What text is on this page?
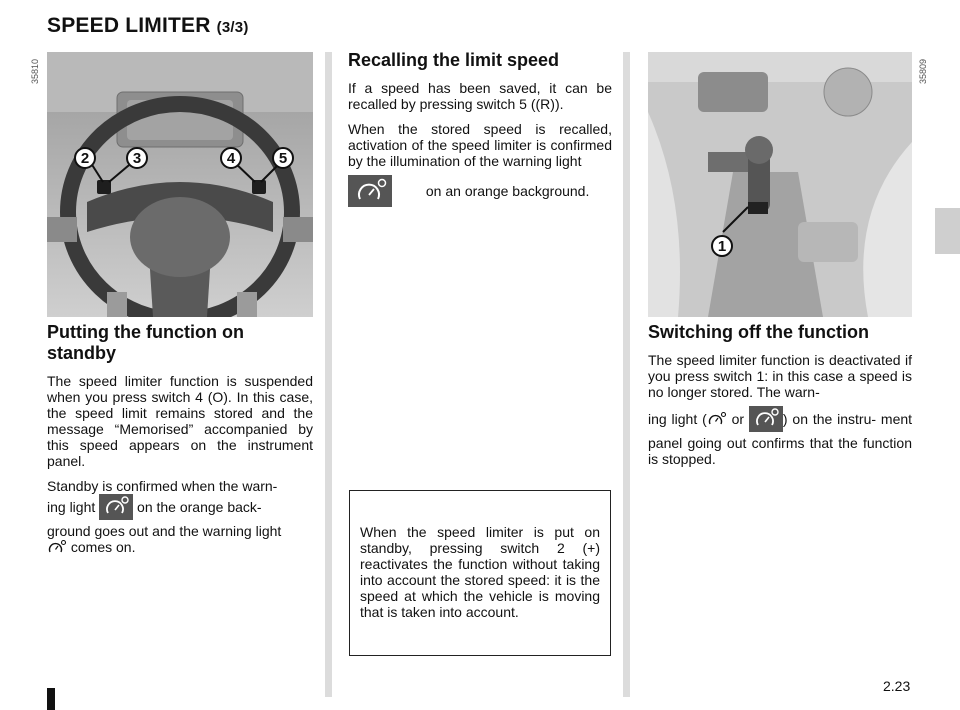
SPEED LIMITER (3/3)
2	3	4	5
35810
1
35809
Putting the function on standby

The speed limiter function is suspended when you press switch 4 (O). In this case, the speed limit remains stored and the message “Memorised” accompanied by this speed appears on the instrument panel.

Standby is confirmed when the warn-
ing light	on the orange back-
ground goes out and the warning light
comes on.

Recalling the limit speed

If a speed has been saved, it can be recalled by pressing switch 5 ((R)).

When the stored speed is recalled, activation of the speed limiter is confirmed by the illumination of the warning light

on an orange background.

When the speed limiter is put on standby, pressing switch 2 (+) reactivates the function without taking into account the stored speed: it is the speed at which the vehicle is moving that is taken into account.

Switching off the function

The speed limiter function is deactivated if you press switch 1: in this case a speed is no longer stored. The warn-

ing light ( or	) on the instru- ment panel going out confirms that the function is stopped.

2.23
